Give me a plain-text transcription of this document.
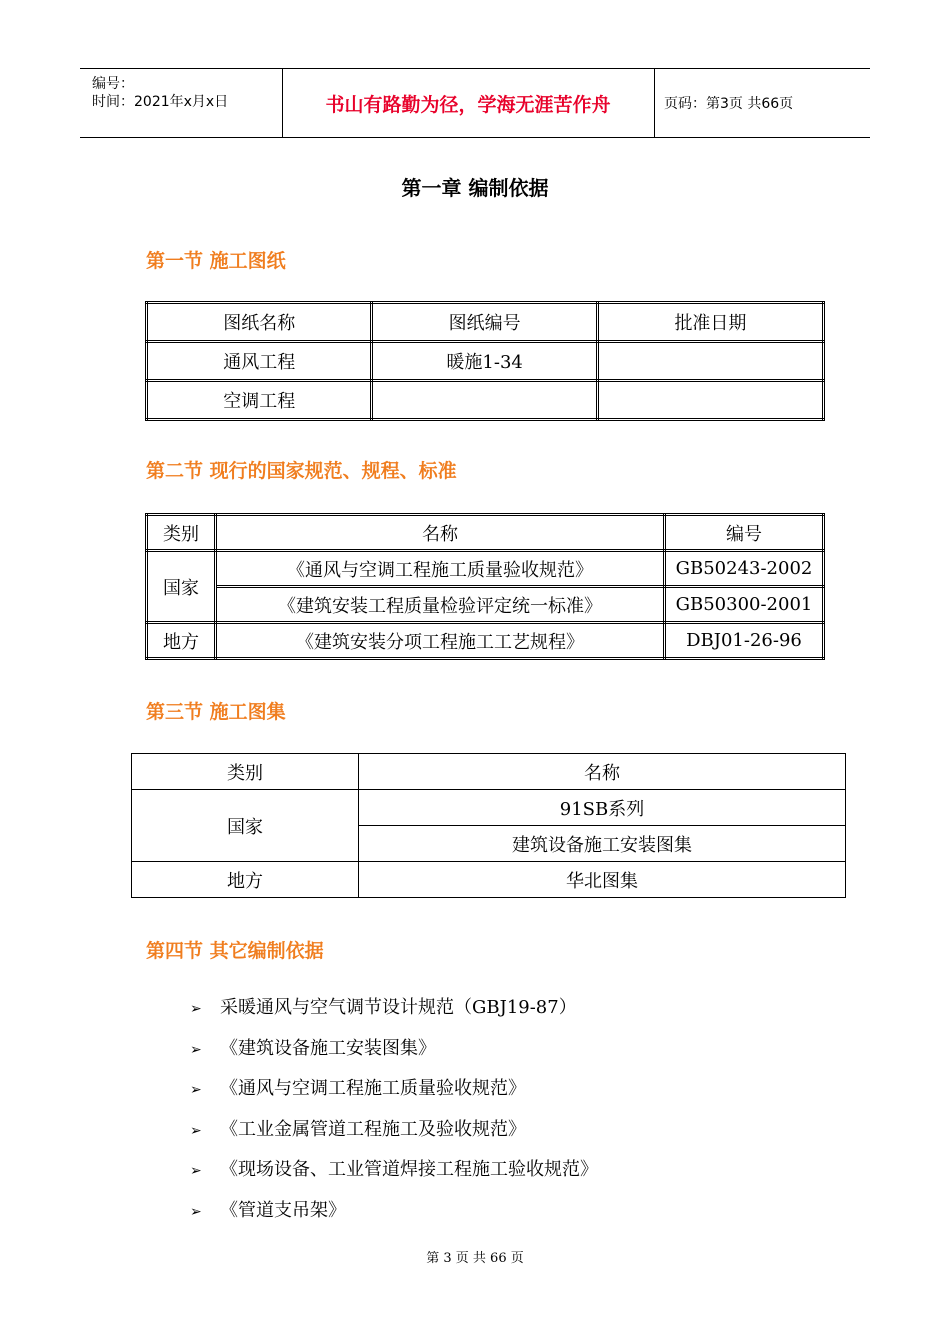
编号：
时间：2021年x月x日	书山有路勤为径，学海无涯苦作舟	页码：第3页 共66页
第一章 编制依据
第一节 施工图纸
图纸名称	图纸编号	批准日期
通风工程	暖施1-34	
空调工程		
第二节 现行的国家规范、规程、标准
类别	名称	编号
国家	《通风与空调工程施工质量验收规范》	GB50243-2002
	《建筑安装工程质量检验评定统一标准》	GB50300-2001
地方	《建筑安装分项工程施工工艺规程》	DBJ01-26-96
第三节 施工图集
类别	名称
国家	91SB系列
	建筑设备施工安装图集
地方	华北图集
第四节 其它编制依据
➢ 采暖通风与空气调节设计规范（GBJ19-87）
➢ 《建筑设备施工安装图集》
➢ 《通风与空调工程施工质量验收规范》
➢ 《工业金属管道工程施工及验收规范》
➢ 《现场设备、工业管道焊接工程施工验收规范》
➢ 《管道支吊架》
第 3 页 共 66 页
